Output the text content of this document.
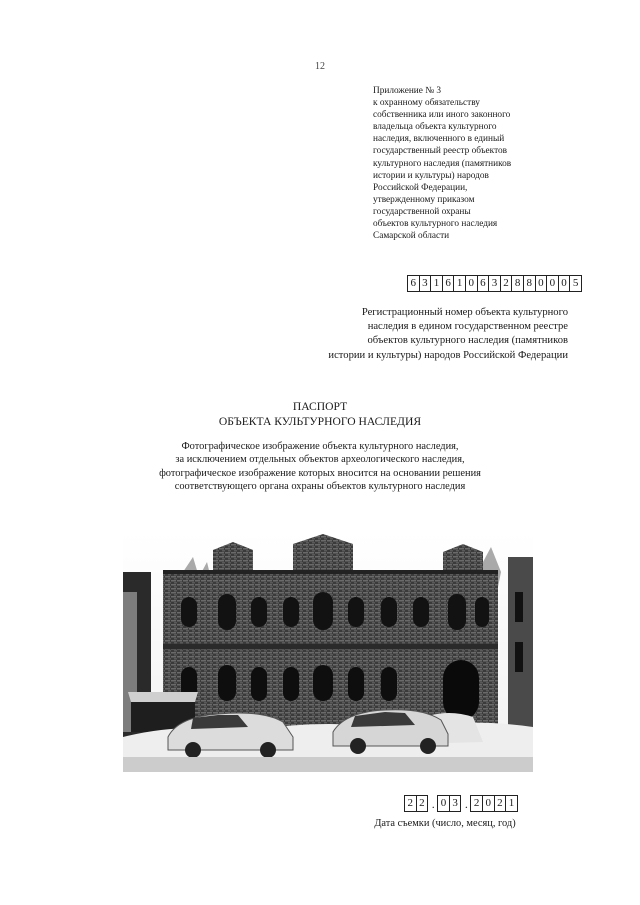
12
Приложение № 3
к охранному обязательству
собственника или иного законного
владельца объекта культурного
наследия, включенного в единый
государственный реестр объектов
культурного наследия (памятников
истории и культуры) народов
Российской Федерации,
утвержденному приказом
государственной охраны
объектов культурного наследия
Самарской области
6 3 1 6 1 0 6 3 2 8 8 0 0 0 5
Регистрационный номер объекта культурного
наследия в едином государственном реестре
объектов культурного наследия (памятников
истории и культуры) народов Российской Федерации
ПАСПОРТ
ОБЪЕКТА КУЛЬТУРНОГО НАСЛЕДИЯ
Фотографическое изображение объекта культурного наследия,
за исключением отдельных объектов археологического наследия,
фотографическое изображение которых вносится на основании решения
соответствующего органа охраны объектов культурного наследия
2 2 . 0 3 . 2 0 2 1
Дата съемки (число, месяц, год)
